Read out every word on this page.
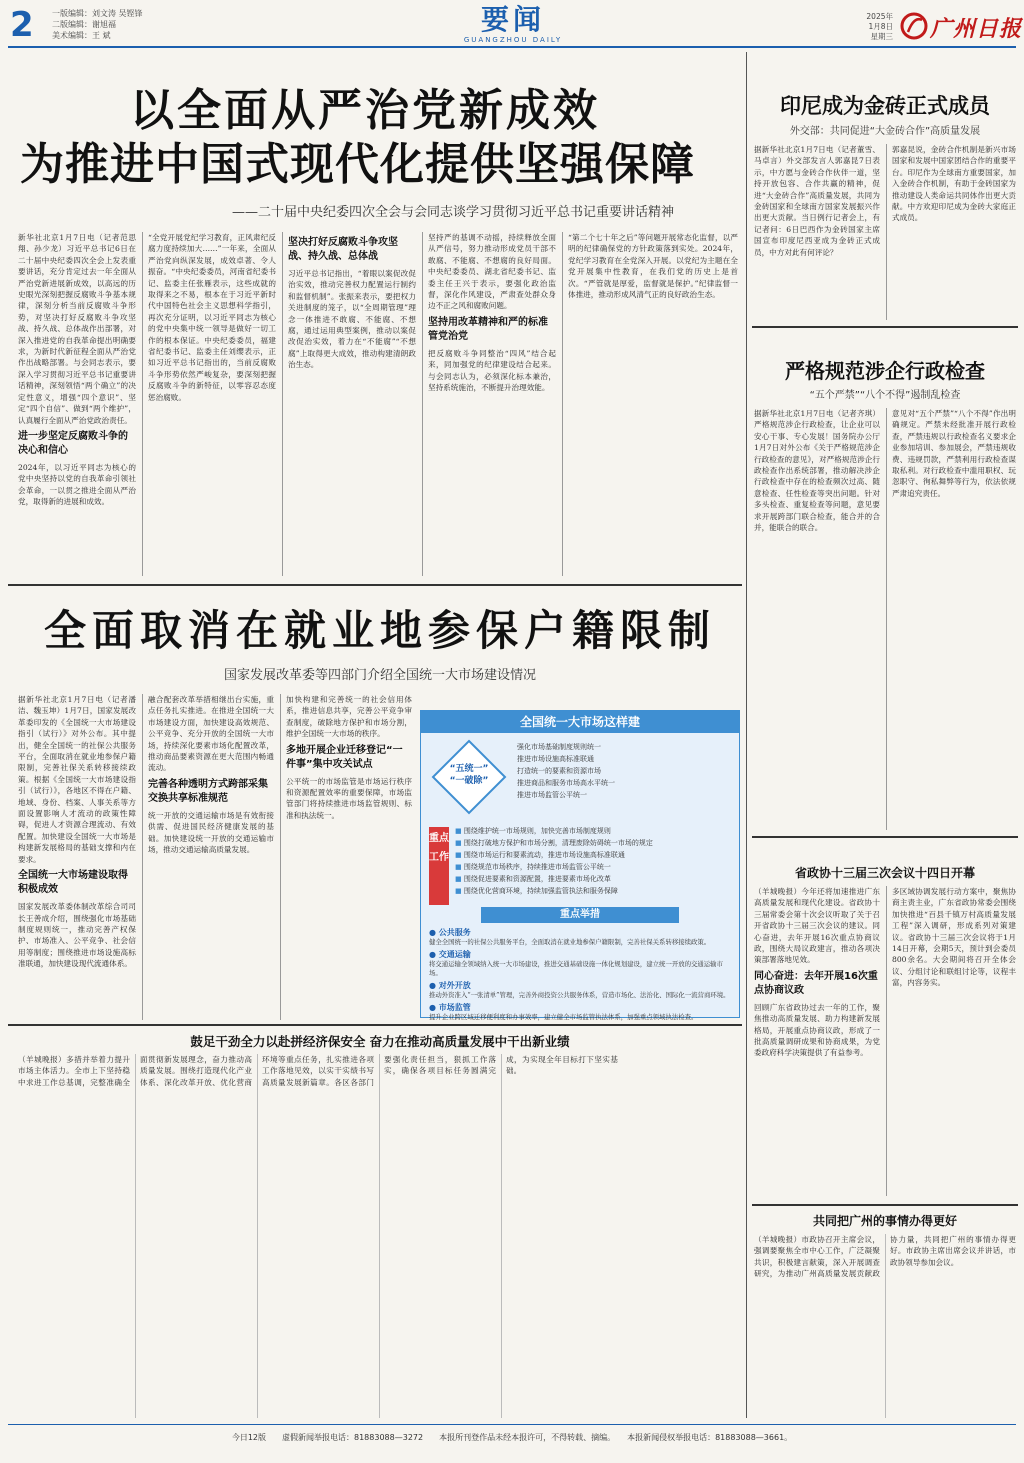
2 一版编辑：刘文涛 吴铿锋
二版编辑：谢旭福
美术编辑：王 斌	要闻
GUANGZHOU DAILY
2025年
1月8日
星期三 广州日报
以全面从严治党新成效
为推进中国式现代化提供坚强保障
——二十届中央纪委四次全会与会同志谈学习贯彻习近平总书记重要讲话精神

新华社北京1月7日电（记者范思翔、孙少龙）习近平总书记6日在二十届中央纪委四次全会上发表重要讲话，充分肯定过去一年全面从严治党新进展新成效，以高远的历史眼光深刻把握反腐败斗争基本规律，深刻分析当前反腐败斗争形势，对坚决打好反腐败斗争攻坚战、持久战、总体战作出部署，对深入推进党的自我革命提出明确要求，为新时代新征程全面从严治党作出战略部署。与会同志表示，要深入学习贯彻习近平总书记重要讲话精神，深刻领悟“两个确立”的决定性意义，增强“四个意识”、坚定“四个自信”、做到“两个维护”，认真履行全面从严治党政治责任。

进一步坚定反腐败斗争的决心和信心

2024年，以习近平同志为核心的党中央坚持以党的自我革命引领社会革命，一以贯之推进全面从严治党，取得新的进展和成效。

“全党开展党纪学习教育，正风肃纪反腐力度持续加大……”一年来，全面从严治党向纵深发展，成效卓著、令人振奋。“中央纪委委员，河南省纪委书记、监委主任张雁表示，这些成就的取得来之不易，根本在于习近平新时代中国特色社会主义思想科学指引，再次充分证明，以习近平同志为核心的党中央集中统一领导是做好一切工作的根本保证。中央纪委委员，福建省纪委书记、监委主任刘缨表示，正如习近平总书记指出的，当前反腐败斗争形势依然严峻复杂，要深刻把握反腐败斗争的新特征，以零容忍态度惩治腐败。

坚决打好反腐败斗争攻坚战、持久战、总体战

习近平总书记指出，“着眼以案促改促治实效，推动完善权力配置运行制约和监督机制”。张振来表示，要把权力关进制度的笼子，以“全周期管理”理念一体推进不敢腐、不能腐、不想腐，通过运用典型案例，推动以案促改促治实效，着力在“不能腐”“不想腐”上取得更大成效，推动构建清朗政治生态。

坚持严的基调不动摇，持续释放全面从严信号，努力推动形成党员干部不敢腐、不能腐、不想腐的良好局面。中央纪委委员、湖北省纪委书记、监委主任王兴于表示，要强化政治监督，深化作风建设，严肃查处群众身边不正之风和腐败问题。

坚持用改革精神和严的标准管党治党

把反腐败斗争同整治“四风”结合起来，同加强党的纪律建设结合起来。与会同志认为，必须深化标本兼治，坚持系统施治，不断提升治理效能。

“第二个七十年之后”等问题开展常态化监督，以严明的纪律确保党的方针政策落到实处。2024年，党纪学习教育在全党深入开展。以党纪为主题在全党开展集中性教育，在我们党的历史上是首次。“严管就是厚爱，监督就是保护。”纪律监督一体推进，推动形成风清气正的良好政治生态。

全面取消在就业地参保户籍限制
国家发展改革委等四部门介绍全国统一大市场建设情况

据新华社北京1月7日电（记者潘洁、魏玉坤）1月7日，国家发展改革委印发的《全国统一大市场建设指引（试行）》对外公布。其中提出，健全全国统一的社保公共服务平台，全面取消在就业地参保户籍限制，完善社保关系转移接续政策。根据《全国统一大市场建设指引（试行）》，各地区不得在户籍、地域、身份、档案、人事关系等方面设置影响人才流动的政策性障碍，促进人才资源合理流动、有效配置。加快建设全国统一大市场是构建新发展格局的基础支撑和内在要求。

全国统一大市场建设取得积极成效

国家发展改革委体制改革综合司司长王善成介绍，围绕强化市场基础制度规则统一，推动完善产权保护、市场准入、公平竞争、社会信用等制度；围绕推进市场设施高标准联通，加快建设现代流通体系。

融合配套改革举措相继出台实施，重点任务扎实推进。在推进全国统一大市场建设方面，加快建设高效规范、公平竞争、充分开放的全国统一大市场，持续深化要素市场化配置改革，推动商品要素资源在更大范围内畅通流动。

完善各种透明方式跨部采集交换共享标准规范

统一开放的交通运输市场是有效衔接供需、促进国民经济健康发展的基础。加快建设统一开放的交通运输市场，推动交通运输高质量发展。

加快构建和完善统一的社会信用体系，推进信息共享，完善公平竞争审查制度，破除地方保护和市场分割，维护全国统一大市场的秩序。

多地开展企业迁移登记“一件事”集中攻关试点

公平统一的市场监管是市场运行秩序和资源配置效率的重要保障，市场监管部门将持续推进市场监管规则、标准和执法统一。

全国统一大市场这样建
“五统一”
“一破除”
强化市场基础制度规则统一
推进市场设施高标准联通
打造统一的要素和资源市场
推进商品和服务市场高水平统一
推进市场监管公平统一
重点工作
■ 围绕维护统一市场规则，加快完善市场制度规则
■ 围绕打破地方保护和市场分割，清理废除妨碍统一市场的规定
■ 围绕市场运行和要素流动，推进市场设施高标准联通
■ 围绕规范市场秩序，持续推进市场监管公平统一
■ 围绕促进要素和资源配置，推进要素市场化改革
■ 围绕优化营商环境，持续加强监管执法和服务保障
重点举措
● 公共服务
健全全国统一的社保公共服务平台，全面取消在就业地参保户籍限制，完善社保关系转移接续政策。
● 交通运输
将交通运输全领域纳入统一大市场建设，推进交通基础设施一体化规划建设，建立统一开放的交通运输市场。
● 对外开放
推动外资准入“一张清单”管理，完善外商投资公共服务体系，营造市场化、法治化、国际化一流营商环境。
● 市场监管
提升企业跨区域迁移便利度和办事效率，建立健全市场监管执法体系，加强重点领域执法检查。
鼓足干劲全力以赴拼经济保安全 奋力在推动高质量发展中干出新业绩

（羊城晚报）多措并举着力提升市场主体活力。全市上下坚持稳中求进工作总基调，完整准确全面贯彻新发展理念，奋力推动高质量发展。围绕打造现代化产业体系、深化改革开放、优化营商环境等重点任务，扎实推进各项工作落地见效，以实干实绩书写高质量发展新篇章。各区各部门要强化责任担当，狠抓工作落实，确保各项目标任务圆满完成，为实现全年目标打下坚实基础。

印尼成为金砖正式成员
外交部：共同促进“大金砖合作”高质量发展

据新华社北京1月7日电（记者董雪、马卓言）外交部发言人郭嘉昆7日表示，中方愿与金砖合作伙伴一道，坚持开放包容、合作共赢的精神，促进“大金砖合作”高质量发展，共同为金砖国家和全球南方国家发展振兴作出更大贡献。当日例行记者会上，有记者问：6日巴西作为金砖国家主席国宣布印度尼西亚成为金砖正式成员，中方对此有何评论？

郭嘉昆说，金砖合作机制是新兴市场国家和发展中国家团结合作的重要平台。印尼作为全球南方重要国家，加入金砖合作机制，有助于金砖国家为推动建设人类命运共同体作出更大贡献。中方欢迎印尼成为金砖大家庭正式成员。

严格规范涉企行政检查
“五个严禁”“八个不得”遏制乱检查

据新华社北京1月7日电（记者齐琪）严格规范涉企行政检查，让企业可以安心干事、专心发展！国务院办公厅1月7日对外公布《关于严格规范涉企行政检查的意见》，对严格规范涉企行政检查作出系统部署，推动解决涉企行政检查中存在的检查频次过高、随意检查、任性检查等突出问题。针对多头检查、重复检查等问题，意见要求开展跨部门联合检查，能合并的合并，能联合的联合。

意见对“五个严禁”“八个不得”作出明确规定。严禁未经批准开展行政检查，严禁违规以行政检查名义要求企业参加培训、参加展会，严禁违规收费、违规罚款，严禁利用行政检查谋取私利。对行政检查中滥用职权、玩忽职守、徇私舞弊等行为，依法依规严肃追究责任。

省政协十三届三次会议十四日开幕

（羊城晚报）今年还将加速推进广东高质量发展和现代化建设。省政协十三届常委会第十次会议听取了关于召开省政协十三届三次会议的建议。同心奋进，去年开展16次重点协商议政，围绕大局议政建言，推动各项决策部署落地见效。

同心奋进：去年开展16次重点协商议政

回顾广东省政协过去一年的工作，聚焦推动高质量发展、助力构建新发展格局，开展重点协商议政，形成了一批高质量调研成果和协商成果，为党委政府科学决策提供了有益参考。

多区域协调发展行动方案中，聚焦协商主责主业，广东省政协常委会围绕加快推进“百县千镇万村高质量发展工程”深入调研，形成系列对策建议。省政协十三届三次会议将于1月14日开幕，会期5天，预计到会委员800余名。大会期间将召开全体会议、分组讨论和联组讨论等，议程丰富，内容务实。

共同把广州的事情办得更好

（羊城晚报）市政协召开主席会议，强调要聚焦全市中心工作，广泛凝聚共识，积极建言献策，深入开展调查研究，为推动广州高质量发展贡献政协力量，共同把广州的事情办得更好。市政协主席出席会议并讲话，市政协领导参加会议。

今日12版　　虚假新闻举报电话：81883088—3272　　本报所刊登作品未经本报许可，不得转载、摘编。　　本报新闻侵权举报电话：81883088—3661。
